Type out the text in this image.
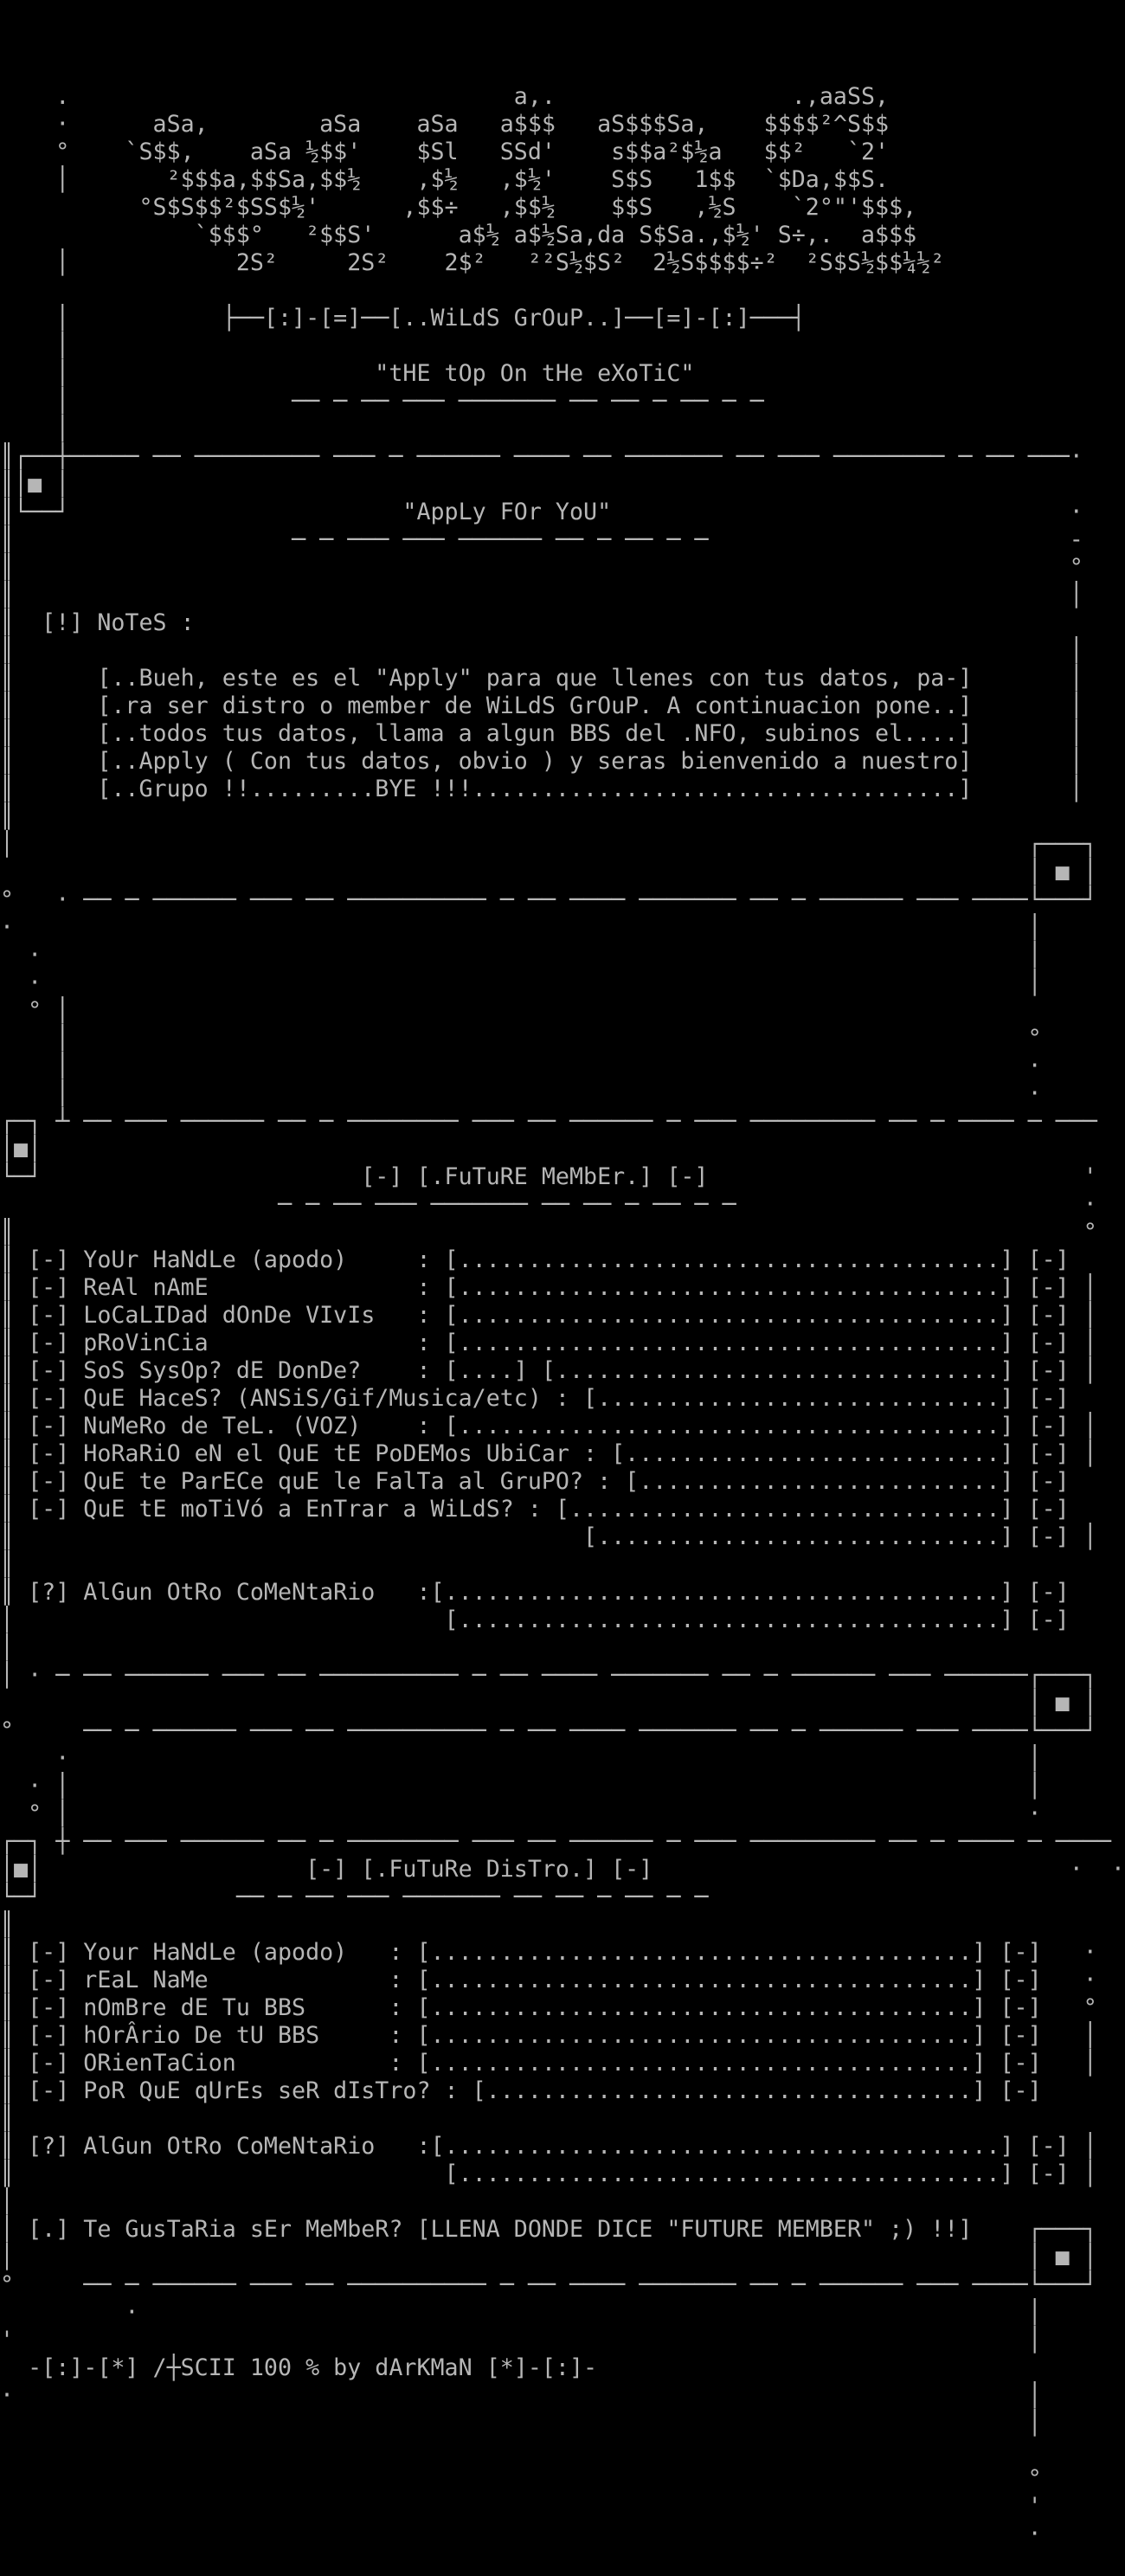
.                                a,.                 .,aaSS,
·      aSa,        aSa    aSa   a$$$   aS$$$Sa,    $$$$²^S$$
°    `S$$,    aSa ½$$'    $Sl   SSd'    s$$a²$½a   $$²   `2'
│       ²$$$a,$$Sa,$$½    ,$½   ,$½'    S$S   1$$  `$Da,$$S.
°S$S$$²$SS$½'      ,$$÷   ,$$½    $$S   ,½S    `2°"'$$$,
`$$$°   ²$$S'      a$½ a$½Sa,da S$Sa.,$½' S÷,.  a$$$
│            2S²     2S²    2$²   ²²S½$S²  2½S$$$$÷²  ²S$S½$$¼½²
│           ├──[:]-[=]──[..WiLdS GrOuP..]──[=]-[:]───┤
│
│                      "tHE tOp On tHe eXoTiC"
│                ── ─ ── ─── ─────── ── ── ─ ── ─ ─
│
║┌──┼───── ── ───────── ─── ─ ────── ──── ── ─────── ── ─── ──────── ─ ── ───·
║│■ │
║└──┘                        "AppLy FOr YoU"                                 ·
║                    ─ ─ ─── ─── ────── ── ─ ── ─ ─                          -
║                                                                            °
║                                                                            │
║  [!] NoTeS :
║                                                                            │
║      [..Bueh, este es el "Apply" para que llenes con tus datos, pa-]       │
║      [.ra ser distro o member de WiLdS GrOuP. A continuacion pone..]       │
║      [..todos tus datos, llama a algun BBS del .NFO, subinos el....]       │
║      [..Apply ( Con tus datos, obvio ) y seras bienvenido a nuestro]       │
║      [..Grupo !!.........BYE !!!...................................]       │
║
│                                                                         ┌───┐
│ ■ │
°   · ── ─ ────── ─── ── ────────── ─ ── ──── ─────── ── ─ ────── ─── ────└───┘
·                                                                         │
·                                                                       │
·                                                                       │
° │
│                                                                     °
│                                                                     ·
│                                                                     ·
┌─┐ ┴ ── ─── ────── ── ─ ──────── ─── ── ────── ─ ─── ───────── ── ─ ──── ─ ───
│■│
└─┘                       [-] [.FuTuRE MeMbEr.] [-]                           '
─ ─ ── ─── ─────── ── ── ─ ── ─ ─                         ·
║                                                                             °
║ [-] YoUr HaNdLe (apodo)     : [.......................................] [-]
║ [-] ReAl nAmE               : [.......................................] [-] │
║ [-] LoCaLIDad dOnDe VIvIs   : [.......................................] [-] │
║ [-] pRoVinCia               : [.......................................] [-] │
║ [-] SoS SysOp? dE DonDe?    : [....] [................................] [-] │
║ [-] QuE HaceS? (ANSiS/Gif/Musica/etc) : [.............................] [-]
║ [-] NuMeRo de TeL. (VOZ)    : [.......................................] [-] │
║ [-] HoRaRiO eN el QuE tE PoDEMos UbiCar : [...........................] [-] │
║ [-] QuE te ParECe quE le FalTa al GruPO? : [..........................] [-]
║ [-] QuE tE moTiVó a EnTrar a WiLdS? : [...............................] [-]
║                                         [.............................] [-] │
║
║ [?] AlGun OtRo CoMeNtaRio   :[........................................] [-]
│                               [.......................................] [-]
│
│ · ─ ── ────── ─── ── ────────── ─ ── ──── ─────── ── ─ ────── ─── ──────┌───┐
│ ■ │
°     ── ─ ────── ─── ── ────────── ─ ── ──── ─────── ── ─ ────── ─── ────└───┘
·                                                                     │
· │                                                                     │
° │                                                                     ·
┌─┐ ┼ ── ─── ────── ── ─ ──────── ─── ── ────── ─ ─── ───────── ── ─ ──── ─ ────
│■│                   [-] [.FuTuRe DisTro.] [-]                              ·  ·
└─┘              ── ─ ── ─── ─────── ── ── ─ ── ─ ─
║
║ [-] Your HaNdLe (apodo)   : [.......................................] [-]   ·
║ [-] rEaL NaMe             : [.......................................] [-]   ·
║ [-] nOmBre dE Tu BBS      : [.......................................] [-]   °
║ [-] hOrÂrio De tU BBS     : [.......................................] [-]   │
║ [-] ORienTaCion           : [.......................................] [-]   │
║ [-] PoR QuE qUrEs seR dIsTro? : [...................................] [-]
║
║ [?] AlGun OtRo CoMeNtaRio   :[........................................] [-] │
║                               [.......................................] [-] │
│
│ [.] Te GusTaRia sEr MeMbeR? [LLENA DONDE DICE "FUTURE MEMBER" ;) !!]    ┌───┐
│                                                                         │ ■ │
°     ── ─ ────── ─── ── ────────── ─ ── ──── ─────── ── ─ ────── ─── ────└───┘
·                                                                │
'                                                                         │
-[:]-[*] /┼SCII 100 % by dArKMaN [*]-[:]-
·                                                                         │
│
°
'
·
